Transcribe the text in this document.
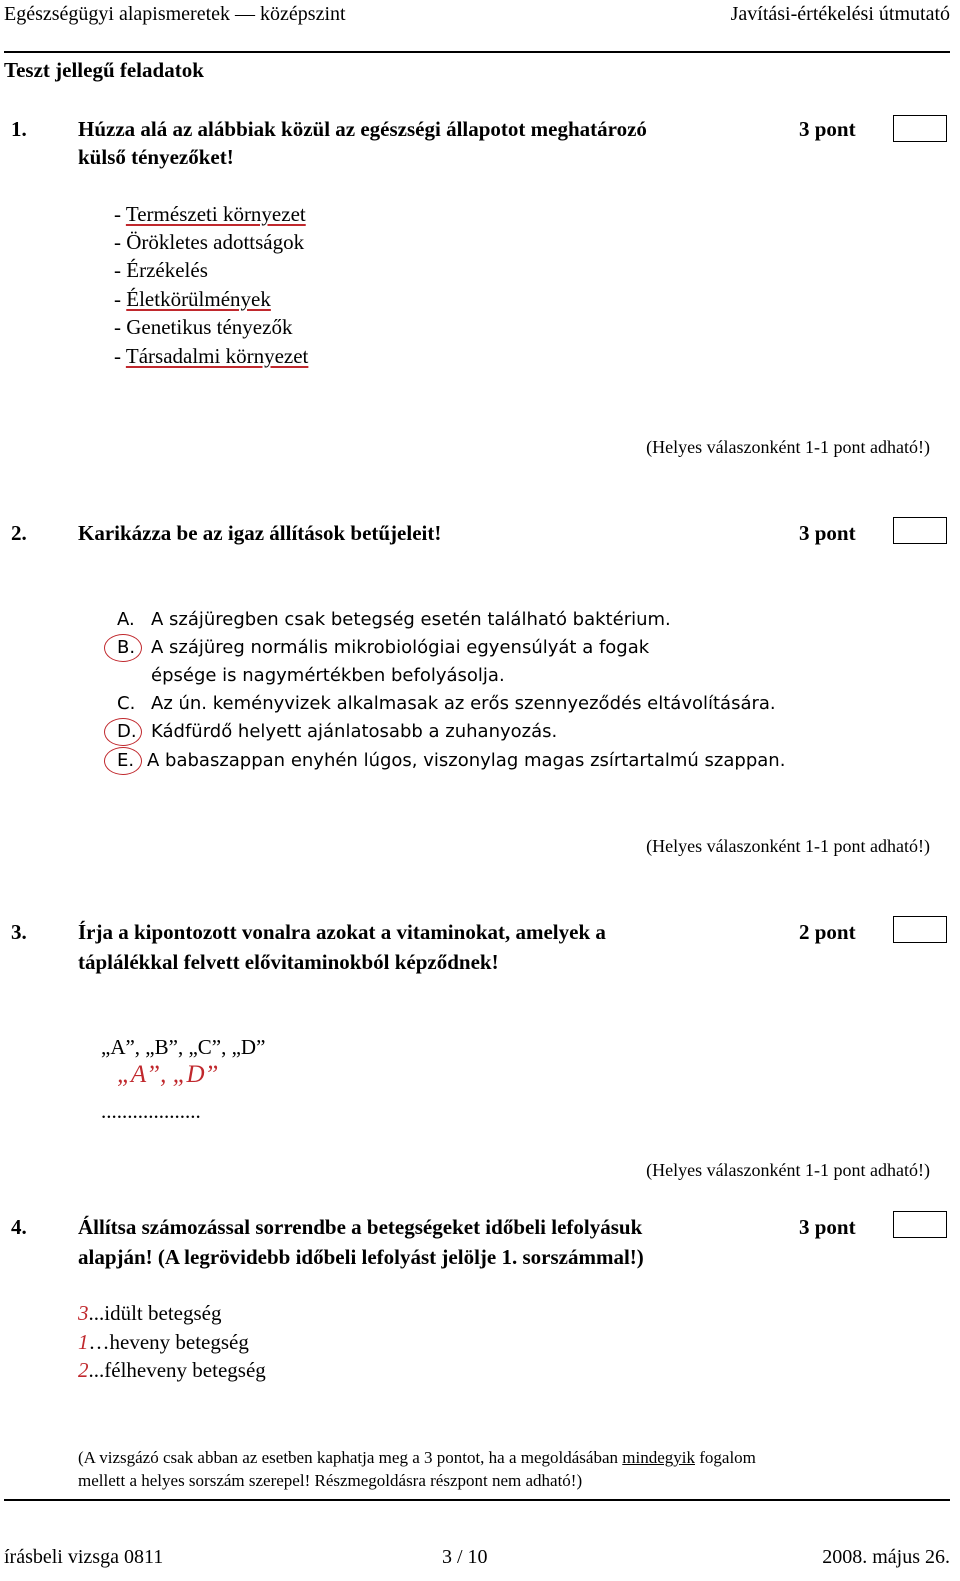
Egészségügyi alapismeretek — középszint	Javítási-értékelési útmutató
Teszt jellegű feladatok
1. Húzza alá az alábbiak közül az egészségi állapotot meghatározó
külső tényezőket!
3 pont
- Természeti környezet
- Örökletes adottságok
- Érzékelés
- Életkörülmények
- Genetikus tényezők
- Társadalmi környezet
(Helyes válaszonként 1-1 pont adható!)
2. Karikázza be az igaz állítások betűjeleit!	3 pont
A. A szájüregben csak betegség esetén található baktérium.
B. A szájüreg normális mikrobiológiai egyensúlyát a fogak
épsége is nagymértékben befolyásolja.
C. Az ún. keményvizek alkalmasak az erős szennyeződés eltávolítására.
D. Kádfürdő helyett ajánlatosabb a zuhanyozás.
E. A babaszappan enyhén lúgos, viszonylag magas zsírtartalmú szappan.
(Helyes válaszonként 1-1 pont adható!)
3. Írja a kipontozott vonalra azokat a vitaminokat, amelyek a
táplálékkal felvett elővitaminokból képződnek!
2 pont
„A”, „B”, „C”, „D”
„A”, „D”
...................
(Helyes válaszonként 1-1 pont adható!)
4. Állítsa számozással sorrendbe a betegségeket időbeli lefolyásuk
alapján! (A legrövidebb időbeli lefolyást jelölje 1. sorszámmal!)
3 pont
3...idült betegség
1…heveny betegség
2...félheveny betegség
(A vizsgázó csak abban az esetben kaphatja meg a 3 pontot, ha a megoldásában mindegyik fogalom
mellett a helyes sorszám szerepel! Részmegoldásra részpont nem adható!)
írásbeli vizsga 0811	3 / 10	2008. május 26.
